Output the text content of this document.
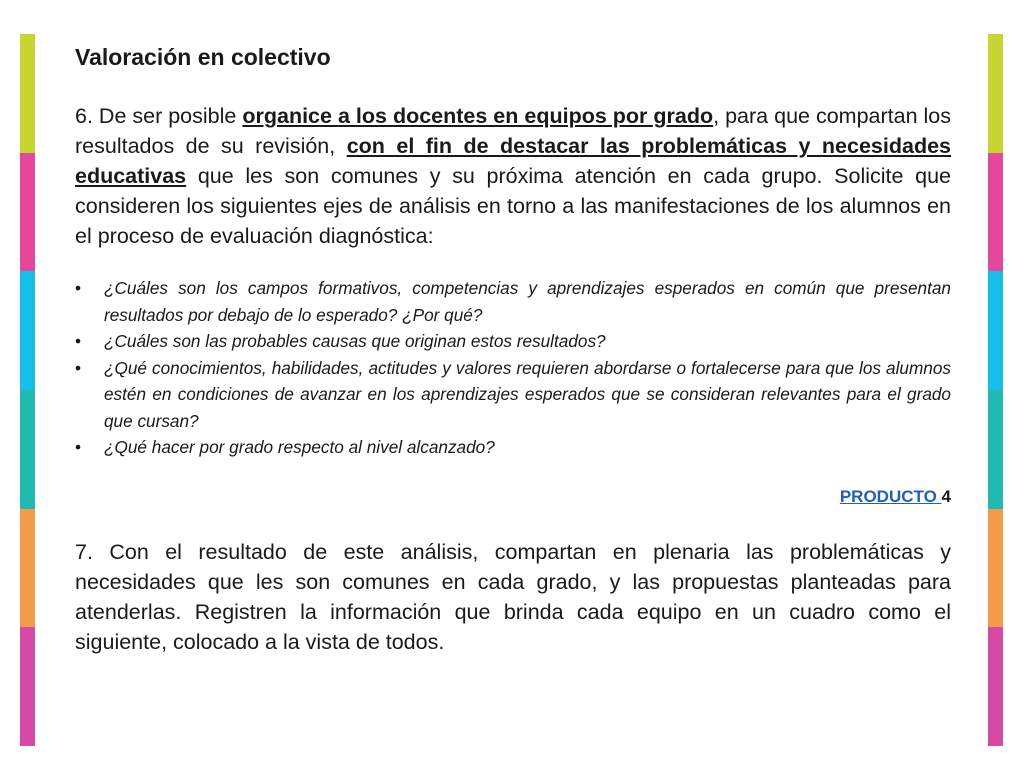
Valoración en colectivo

6. De ser posible organice a los docentes en equipos por grado, para que compartan los resultados de su revisión, con el fin de destacar las problemáticas y necesidades educativas que les son comunes y su próxima atención en cada grupo. Solicite que consideren los siguientes ejes de análisis en torno a las manifestaciones de los alumnos en el proceso de evaluación diagnóstica:

• ¿Cuáles son los campos formativos, competencias y aprendizajes esperados en común que presentan resultados por debajo de lo esperado? ¿Por qué?
• ¿Cuáles son las probables causas que originan estos resultados?
• ¿Qué conocimientos, habilidades, actitudes y valores requieren abordarse o fortalecerse para que los alumnos estén en condiciones de avanzar en los aprendizajes esperados que se consideran relevantes para el grado que cursan?
• ¿Qué hacer por grado respecto al nivel alcanzado?
PRODUCTO 4

7. Con el resultado de este análisis, compartan en plenaria las problemáticas y necesidades que les son comunes en cada grado, y las propuestas planteadas para atenderlas. Registren la información que brinda cada equipo en un cuadro como el siguiente, colocado a la vista de todos.
